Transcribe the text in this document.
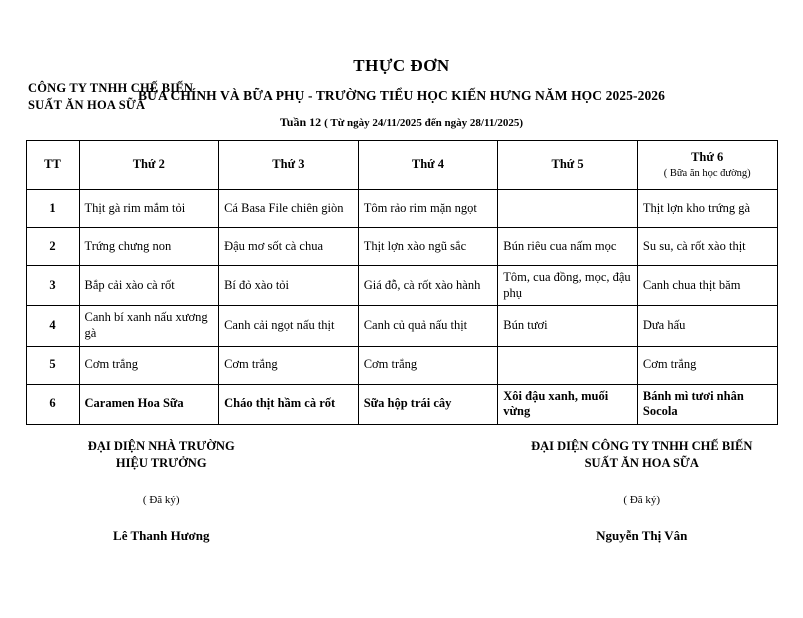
CÔNG TY TNHH CHẾ BIẾN
SUẤT ĂN HOA SỮA
THỰC ĐƠN
BỮA CHÍNH VÀ BỮA PHỤ - TRƯỜNG TIỂU HỌC KIẾN HƯNG NĂM HỌC 2025-2026
Tuần 12 ( Từ ngày 24/11/2025 đến ngày 28/11/2025)
TT	Thứ 2	Thứ 3	Thứ 4	Thứ 5	Thứ 6
( Bữa ăn học đường)

1	Thịt gà rim mắm tỏi	Cá Basa File chiên giòn	Tôm rảo rim mặn ngọt		Thịt lợn kho trứng gà
2	Trứng chưng non	Đậu mơ sốt cà chua	Thịt lợn xào ngũ sắc	Bún riêu cua nấm mọc	Su su, cà rốt xào thịt
3	Bắp cải xào cà rốt	Bí đỏ xào tỏi	Giá đỗ, cà rốt xào hành	Tôm, cua đồng, mọc, đậu phụ	Canh chua thịt băm
4	Canh bí xanh nấu xương gà	Canh cải ngọt nấu thịt	Canh củ quả nấu thịt	Bún tươi	Dưa hấu
5	Cơm trắng	Cơm trắng	Cơm trắng		Cơm trắng
6	Caramen Hoa Sữa	Cháo thịt hầm cà rốt	Sữa hộp trái cây	Xôi đậu xanh, muối vừng	Bánh mì tươi nhân Socola
ĐẠI DIỆN NHÀ TRƯỜNG
HIỆU TRƯỞNG
( Đã ký)
Lê Thanh Hương
ĐẠI DIỆN CÔNG TY TNHH CHẾ BIẾN
SUẤT ĂN HOA SỮA
( Đã ký)
Nguyễn Thị Vân
